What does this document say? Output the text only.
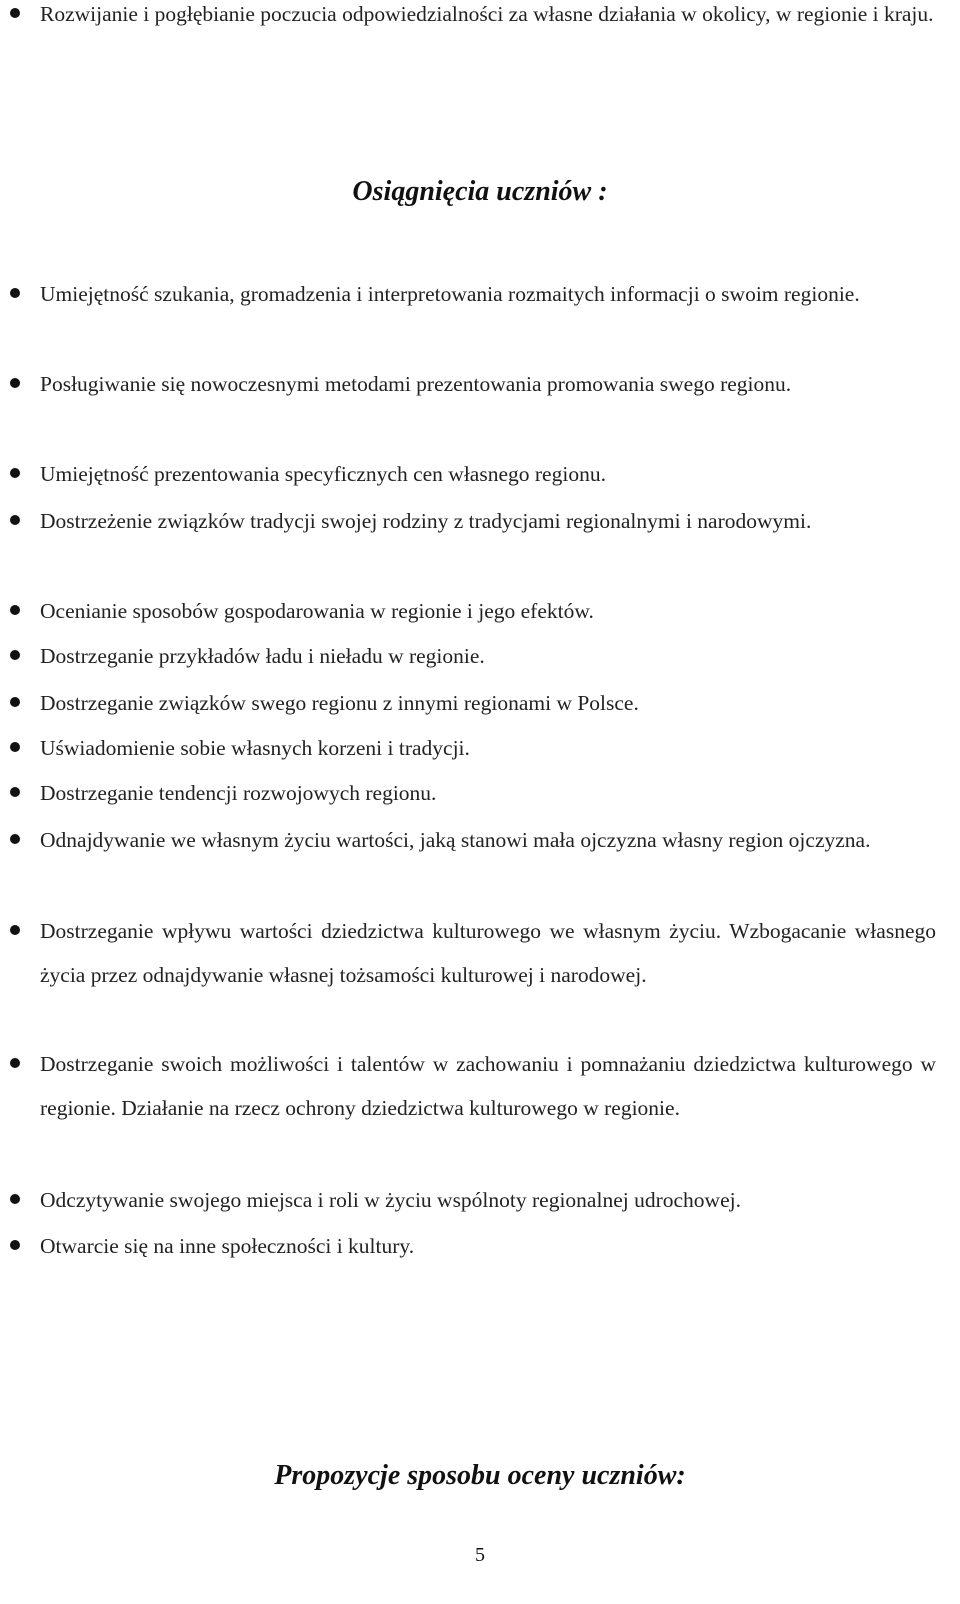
Rozwijanie i pogłębianie poczucia odpowiedzialności za własne działania w okolicy, w regionie i kraju.
Osiągnięcia uczniów :
Umiejętność szukania, gromadzenia i interpretowania rozmaitych informacji o swoim regionie.
Posługiwanie się nowoczesnymi metodami prezentowania promowania swego regionu.
Umiejętność prezentowania specyficznych cen własnego regionu.
Dostrzeżenie związków tradycji swojej rodziny z tradycjami regionalnymi i narodowymi.
Ocenianie sposobów gospodarowania w regionie i jego efektów.
Dostrzeganie przykładów ładu i nieładu w regionie.
Dostrzeganie związków swego regionu z innymi regionami w Polsce.
Uświadomienie sobie własnych korzeni i tradycji.
Dostrzeganie tendencji rozwojowych regionu.
Odnajdywanie we własnym życiu wartości, jaką stanowi mała ojczyzna własny region ojczyzna.
Dostrzeganie wpływu wartości dziedzictwa kulturowego we własnym życiu. Wzbogacanie własnego życia przez odnajdywanie własnej tożsamości kulturowej i narodowej.
Dostrzeganie swoich możliwości i talentów w zachowaniu i pomnażaniu dziedzictwa kulturowego w regionie. Działanie na rzecz ochrony dziedzictwa kulturowego w regionie.
Odczytywanie swojego miejsca i roli w życiu wspólnoty regionalnej udrochowej.
Otwarcie się na inne społeczności i kultury.
Propozycje sposobu oceny uczniów:
5
